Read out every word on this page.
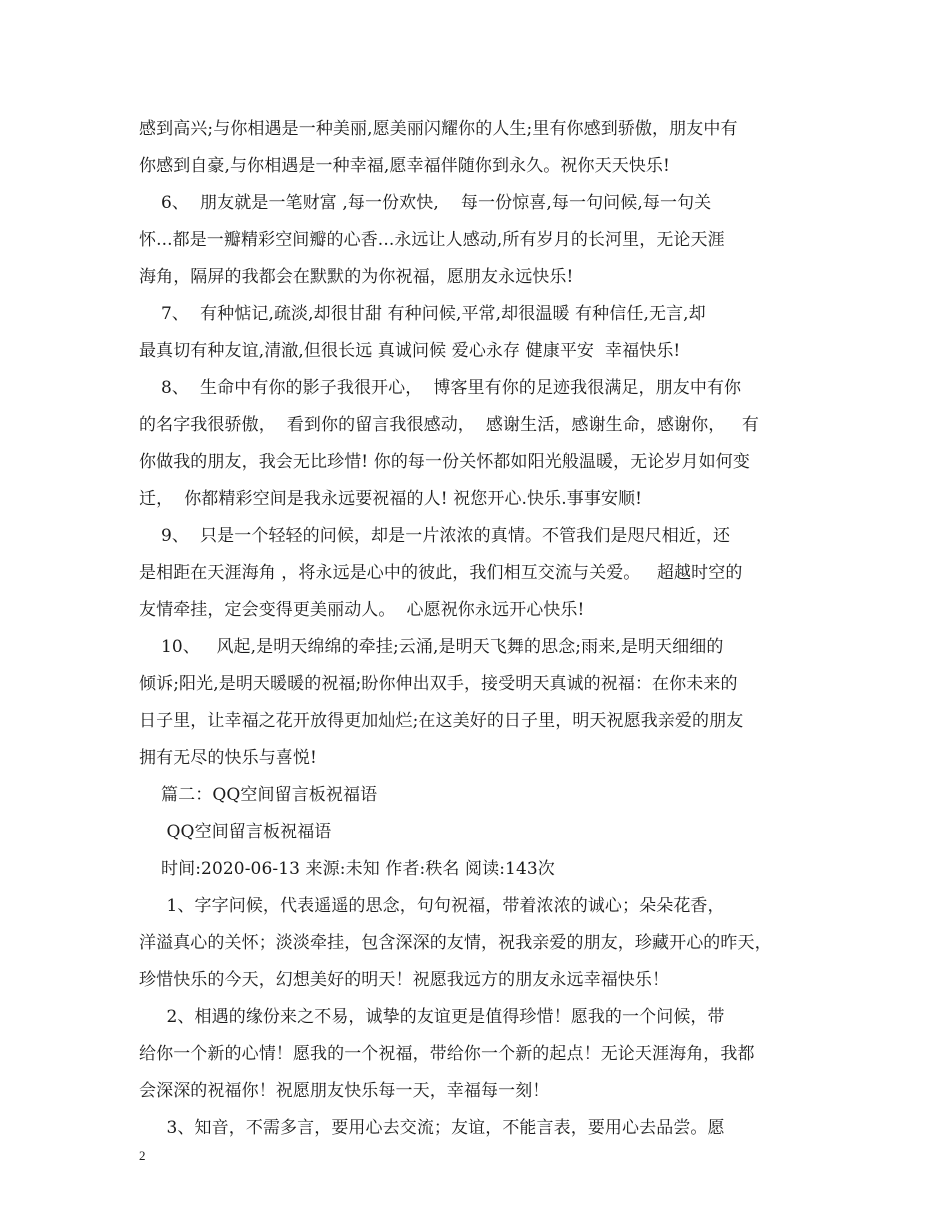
感到高兴;与你相遇是一种美丽,愿美丽闪耀你的人生;里有你感到骄傲，朋友中有
你感到自豪,与你相遇是一种幸福,愿幸福伴随你到永久。祝你天天快乐!
6、  朋友就是一笔财富 ,每一份欢快,    每一份惊喜,每一句问候,每一句关
怀...都是一瓣精彩空间瓣的心香...永远让人感动,所有岁月的长河里，无论天涯
海角，隔屏的我都会在默默的为你祝福，愿朋友永远快乐!
7、  有种惦记,疏淡,却很甘甜 有种问候,平常,却很温暖 有种信任,无言,却
最真切有种友谊,清澈,但很长远 真诚问候 爱心永存 健康平安  幸福快乐!
8、  生命中有你的影子我很开心，  博客里有你的足迹我很满足，朋友中有你
的名字我很骄傲，  看到你的留言我很感动，  感谢生活，感谢生命，感谢你，   有
你做我的朋友，我会无比珍惜! 你的每一份关怀都如阳光般温暖，无论岁月如何变
迁，  你都精彩空间是我永远要祝福的人! 祝您开心.快乐.事事安顺!
9、  只是一个轻轻的问候，却是一片浓浓的真情。不管我们是咫尺相近，还
是相距在天涯海角 ，将永远是心中的彼此，我们相互交流与关爱。   超越时空的
友情牵挂，定会变得更美丽动人。  心愿祝你永远开心快乐!
10、   风起,是明天绵绵的牵挂;云涌,是明天飞舞的思念;雨来,是明天细细的
倾诉;阳光,是明天暖暖的祝福;盼你伸出双手，接受明天真诚的祝福：在你未来的
日子里，让幸福之花开放得更加灿烂;在这美好的日子里，明天祝愿我亲爱的朋友
拥有无尽的快乐与喜悦!
篇二：QQ空间留言板祝福语
QQ空间留言板祝福语
时间:2020-06-13 来源:未知 作者:秩名 阅读:143次
1、字字问候，代表遥遥的思念，句句祝福，带着浓浓的诚心；朵朵花香，
洋溢真心的关怀；淡淡牵挂，包含深深的友情，祝我亲爱的朋友，珍藏开心的昨天，
珍惜快乐的今天，幻想美好的明天！祝愿我远方的朋友永远幸福快乐！
2、相遇的缘份来之不易，诚挚的友谊更是值得珍惜！愿我的一个问候，带
给你一个新的心情！愿我的一个祝福，带给你一个新的起点！无论天涯海角，我都
会深深的祝福你！祝愿朋友快乐每一天，幸福每一刻！
3、知音，不需多言，要用心去交流；友谊，不能言表，要用心去品尝。愿
2
